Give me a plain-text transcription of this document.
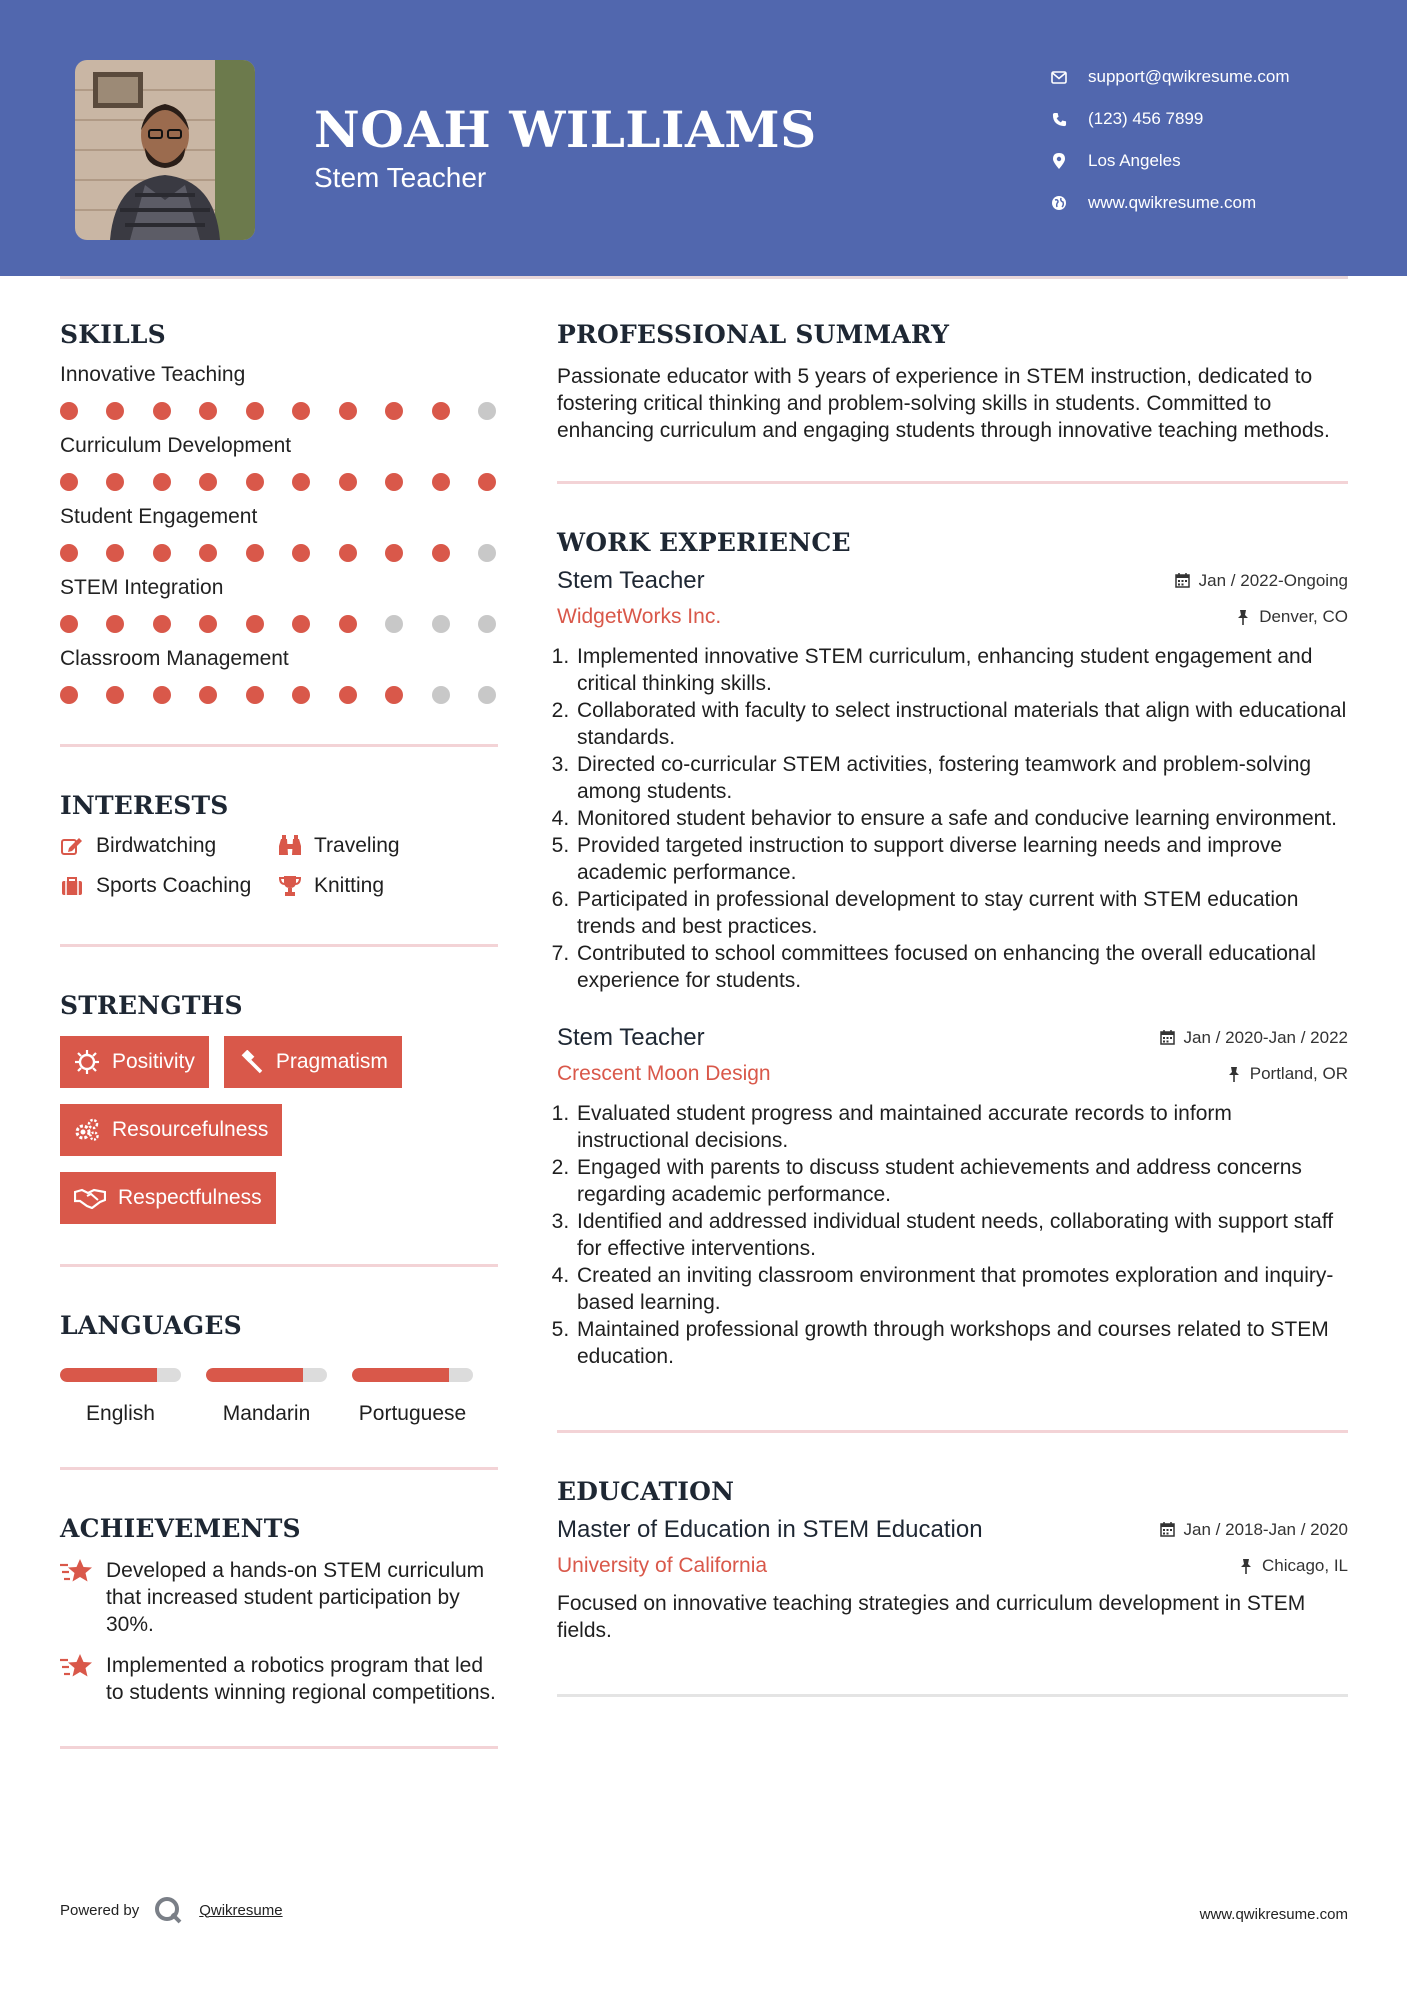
NOAH WILLIAMS
Stem Teacher
support@qwikresume.com
(123) 456 7899
Los Angeles
www.qwikresume.com
SKILLS
Innovative Teaching
Curriculum Development
Student Engagement
STEM Integration
Classroom Management
INTERESTS
Birdwatching	Traveling
Sports Coaching	Knitting
STRENGTHS
Positivity	Pragmatism
Resourcefulness
Respectfulness
LANGUAGES
English	Mandarin	Portuguese
ACHIEVEMENTS
Developed a hands-on STEM curriculum that increased student participation by 30%.
Implemented a robotics program that led to students winning regional competitions.
PROFESSIONAL SUMMARY

Passionate educator with 5 years of experience in STEM instruction, dedicated to fostering critical thinking and problem-solving skills in students. Committed to enhancing curriculum and engaging students through innovative teaching methods.

WORK EXPERIENCE
Stem Teacher	Jan / 2022-Ongoing
WidgetWorks Inc.	Denver, CO
1. Implemented innovative STEM curriculum, enhancing student engagement and critical thinking skills.
2. Collaborated with faculty to select instructional materials that align with educational standards.
3. Directed co-curricular STEM activities, fostering teamwork and problem-solving among students.
4. Monitored student behavior to ensure a safe and conducive learning environment.
5. Provided targeted instruction to support diverse learning needs and improve academic performance.
6. Participated in professional development to stay current with STEM education trends and best practices.
7. Contributed to school committees focused on enhancing the overall educational experience for students.
Stem Teacher	Jan / 2020-Jan / 2022
Crescent Moon Design	Portland, OR
1. Evaluated student progress and maintained accurate records to inform instructional decisions.
2. Engaged with parents to discuss student achievements and address concerns regarding academic performance.
3. Identified and addressed individual student needs, collaborating with support staff for effective interventions.
4. Created an inviting classroom environment that promotes exploration and inquiry-based learning.
5. Maintained professional growth through workshops and courses related to STEM education.
EDUCATION
Master of Education in STEM Education	Jan / 2018-Jan / 2020
University of California	Chicago, IL

Focused on innovative teaching strategies and curriculum development in STEM fields.

Powered by	Qwikresume	www.qwikresume.com
